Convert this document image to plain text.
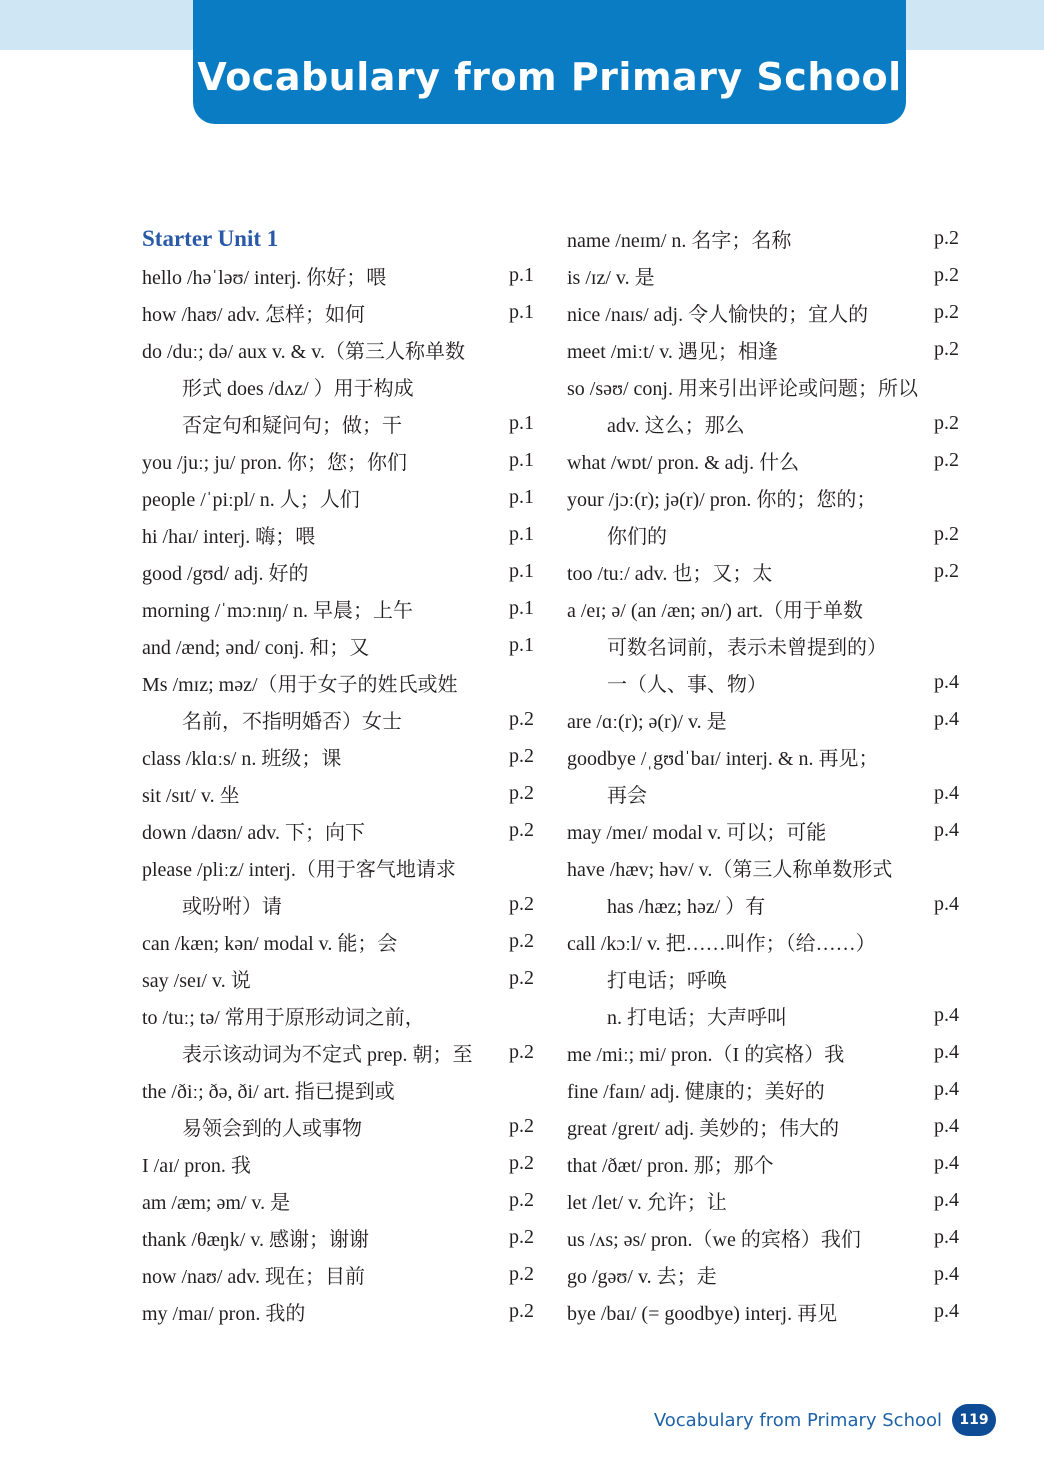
Vocabulary from Primary School
Starter Unit 1
hello /həˈləʊ/ interj. 你好；喂	p.1
how /haʊ/ adv. 怎样；如何	p.1
do /duː; də/ aux v. & v.（第三人称单数
形式 does /dʌz/ ）用于构成
否定句和疑问句；做；干	p.1
you /juː; ju/ pron. 你；您；你们	p.1
people /ˈpiːpl/ n. 人；人们	p.1
hi /haɪ/ interj. 嗨；喂	p.1
good /gʊd/ adj. 好的	p.1
morning /ˈmɔːnɪŋ/ n. 早晨；上午	p.1
and /ænd; ənd/ conj. 和；又	p.1
Ms /mɪz; məz/（用于女子的姓氏或姓
名前，不指明婚否）女士	p.2
class /klɑːs/ n. 班级；课	p.2
sit /sɪt/ v. 坐	p.2
down /daʊn/ adv. 下；向下	p.2
please /pliːz/ interj.（用于客气地请求
或吩咐）请	p.2
can /kæn; kən/ modal v. 能；会	p.2
say /seɪ/ v. 说	p.2
to /tuː; tə/ 常用于原形动词之前，
表示该动词为不定式 prep. 朝；至	p.2
the /ðiː; ðə, ði/ art. 指已提到或
易领会到的人或事物	p.2
I /aɪ/ pron. 我	p.2
am /æm; əm/ v. 是	p.2
thank /θæŋk/ v. 感谢；谢谢	p.2
now /naʊ/ adv. 现在；目前	p.2
my /maɪ/ pron. 我的	p.2
name /neɪm/ n. 名字；名称	p.2
is /ɪz/ v. 是	p.2
nice /naɪs/ adj. 令人愉快的；宜人的	p.2
meet /miːt/ v. 遇见；相逢	p.2
so /səʊ/ conj. 用来引出评论或问题；所以
adv. 这么；那么	p.2
what /wɒt/ pron. & adj. 什么	p.2
your /jɔː(r); jə(r)/ pron. 你的；您的；
你们的	p.2
too /tuː/ adv. 也；又；太	p.2
a /eɪ; ə/ (an /æn; ən/) art.（用于单数
可数名词前，表示未曾提到的）
一（人、事、物）	p.4
are /ɑː(r); ə(r)/ v. 是	p.4
goodbye /ˌgʊdˈbaɪ/ interj. & n. 再见；
再会	p.4
may /meɪ/ modal v. 可以；可能	p.4
have /hæv; həv/ v.（第三人称单数形式
has /hæz; həz/ ）有	p.4
call /kɔːl/ v. 把……叫作；（给……）
打电话；呼唤
n. 打电话；大声呼叫	p.4
me /miː; mi/ pron.（I 的宾格）我	p.4
fine /faɪn/ adj. 健康的；美好的	p.4
great /greɪt/ adj. 美妙的；伟大的	p.4
that /ðæt/ pron. 那；那个	p.4
let /let/ v. 允许；让	p.4
us /ʌs; əs/ pron.（we 的宾格）我们	p.4
go /gəʊ/ v. 去；走	p.4
bye /baɪ/ (= goodbye) interj. 再见	p.4
Vocabulary from Primary School	119
